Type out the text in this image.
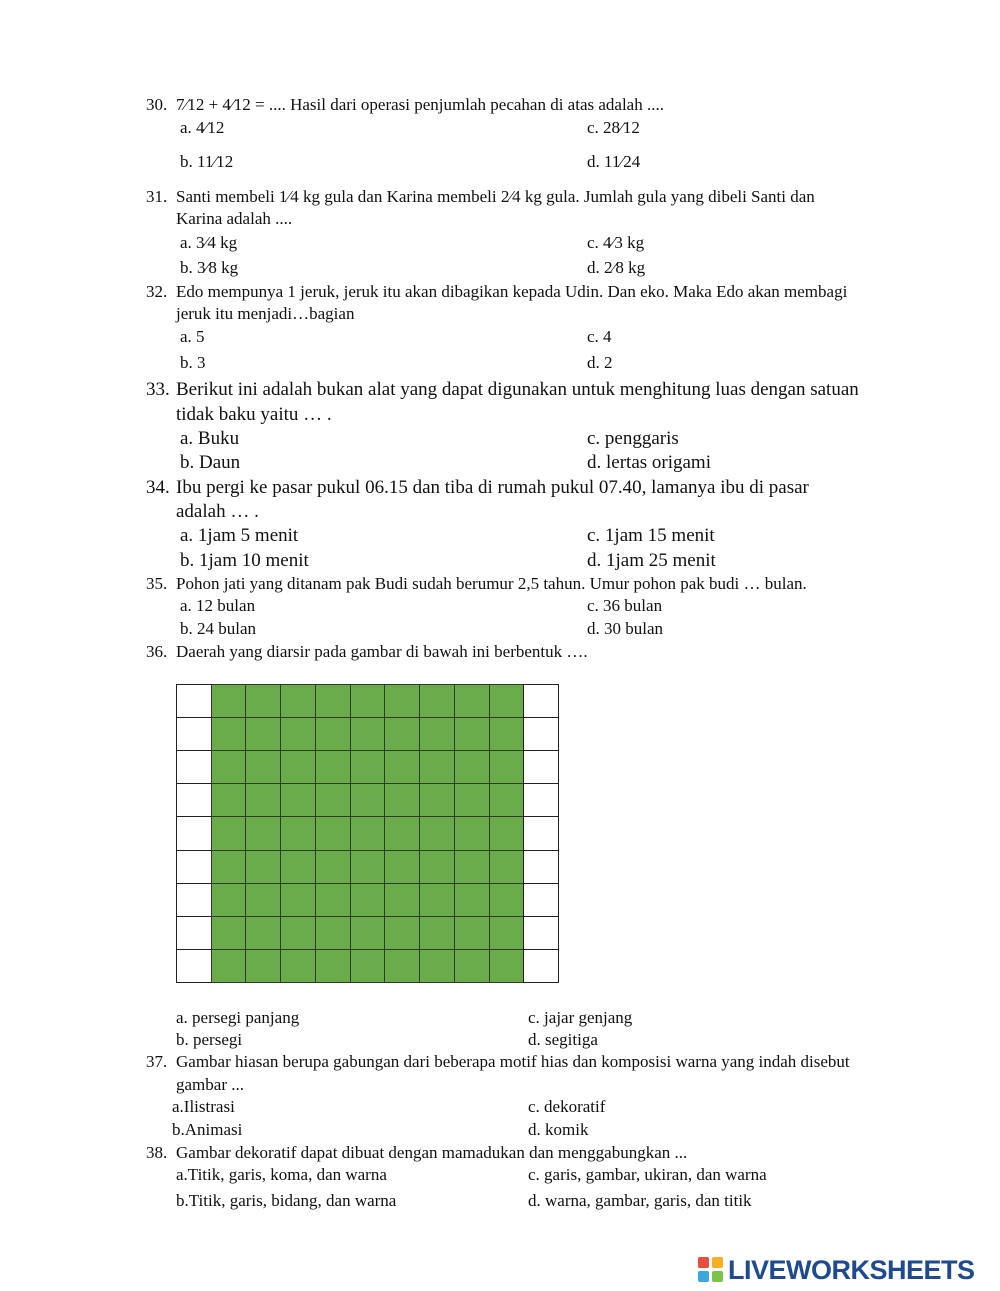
30. 7⁄12 + 4⁄12 = .... Hasil dari operasi penjumlah pecahan di atas adalah ....
a. 4⁄12	c. 28⁄12
b. 11⁄12	d. 11⁄24
31. Santi membeli 1⁄4 kg gula dan Karina membeli 2⁄4 kg gula. Jumlah gula yang dibeli Santi dan
Karina adalah ....
a. 3⁄4 kg	c. 4⁄3 kg
b. 3⁄8 kg	d. 2⁄8 kg
32. Edo mempunya 1 jeruk, jeruk itu akan dibagikan kepada Udin. Dan eko. Maka Edo akan membagi
jeruk itu menjadi…bagian
a. 5	c. 4
b. 3	d. 2
33. Berikut ini adalah bukan alat yang dapat digunakan untuk menghitung luas dengan satuan
tidak baku yaitu … .
a. Buku	c. penggaris
b. Daun	d. lertas origami
34. Ibu pergi ke pasar pukul 06.15 dan tiba di rumah pukul 07.40, lamanya ibu di pasar
adalah … .
a. 1jam 5 menit	c. 1jam 15 menit
b. 1jam 10 menit	d. 1jam 25 menit
35. Pohon jati yang ditanam pak Budi sudah berumur 2,5 tahun. Umur pohon pak budi … bulan.
a. 12 bulan	c. 36 bulan
b. 24 bulan	d. 30 bulan
36. Daerah yang diarsir pada gambar di bawah ini berbentuk ….
a. persegi panjang	c. jajar genjang
b. persegi	d. segitiga
37. Gambar hiasan berupa gabungan dari beberapa motif hias dan komposisi warna yang indah disebut
gambar ...
a.Ilistrasi	c. dekoratif
b.Animasi	d. komik
38. Gambar dekoratif dapat dibuat dengan mamadukan dan menggabungkan ...
a.Titik, garis, koma, dan warna	c. garis, gambar, ukiran, dan warna
b.Titik, garis, bidang, dan warna	d. warna, gambar, garis, dan titik
LIVEWORKSHEETS
